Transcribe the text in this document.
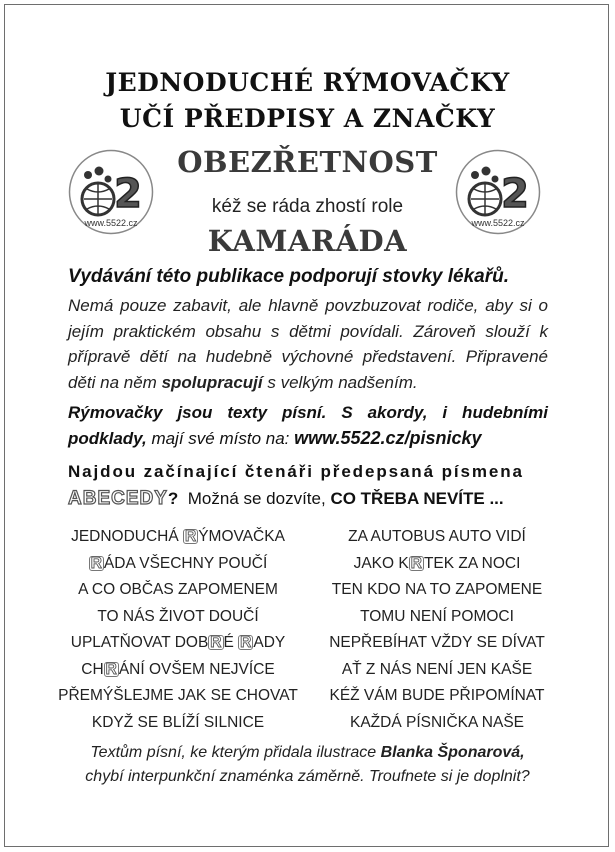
JEDNODUCHÉ RÝMOVAČKY
UČÍ PŘEDPISY A ZNAČKY
OBEZŘETNOST
kéž se ráda zhostí role
KAMARÁDA
2
www.5522.cz
2
www.5522.cz
Vydávání této publikace podporují stovky lékařů.
Nemá pouze zabavit, ale hlavně povzbuzovat rodiče, aby si o jejím praktickém obsahu s dětmi povídali. Zároveň slouží k přípravě dětí na hudebně výchovné představení. Připravené děti na něm spolupracují s velkým nadšením.
Rýmovačky jsou texty písní. S akordy, i hudebními podklady, mají své místo na: www.5522.cz/pisnicky
Najdou začínající čtenáři předepsaná písmena
ABECEDY? Možná se dozvíte, CO TŘEBA NEVÍTE ...
JEDNODUCHÁ R ÝMOVAČKA
R ÁDA VŠECHNY POUČÍ
A CO OBČAS ZAPOMENEM
TO NÁS ŽIVOT DOUČÍ
UPLATŇOVAT DOB R É R ADY
CH R ÁNÍ OVŠEM NEJVÍCE
PŘEMÝŠLEJME JAK SE CHOVAT
KDYŽ SE BLÍŽÍ SILNICE
ZA AUTOBUS AUTO VIDÍ
JAKO K R TEK ZA NOCI
TEN KDO NA TO ZAPOMENE
TOMU NENÍ POMOCI
NEPŘEBÍHAT VŽDY SE DÍVAT
AŤ Z NÁS NENÍ JEN KAŠE
KÉŽ VÁM BUDE PŘIPOMÍNAT
KAŽDÁ PÍSNIČKA NAŠE
Textům písní, ke kterým přidala ilustrace Blanka Šponarová,
chybí interpunkční znaménka záměrně. Troufnete si je doplnit?
